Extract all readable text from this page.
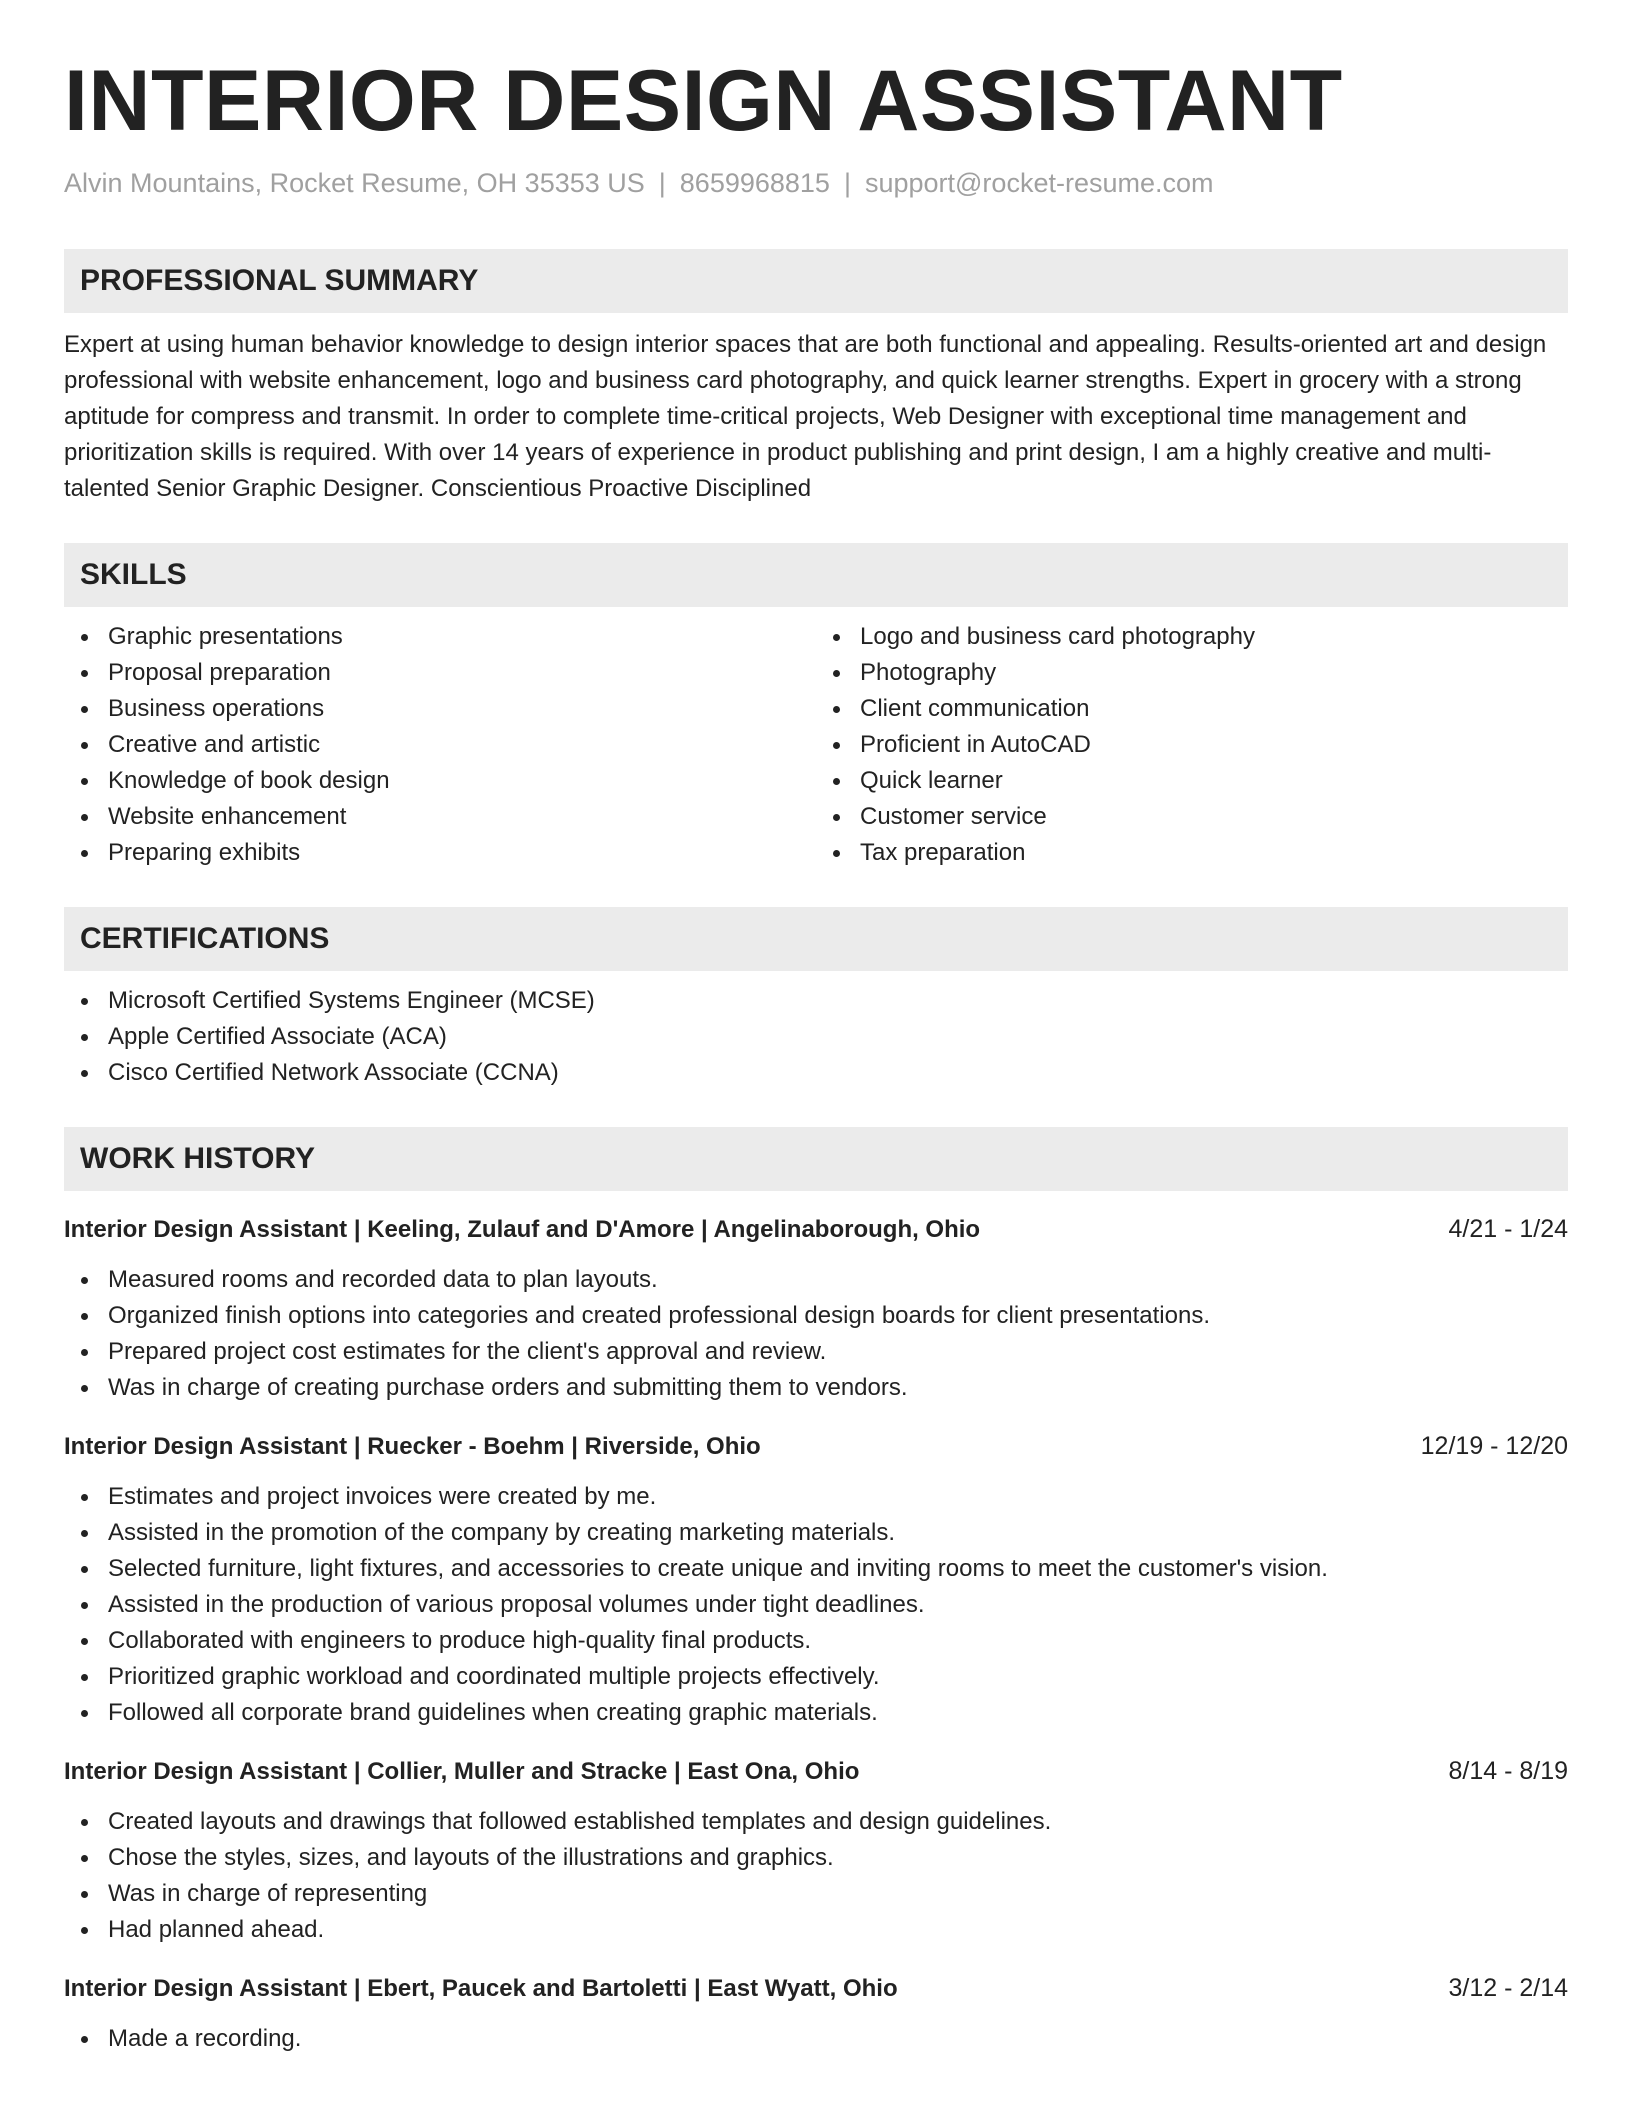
INTERIOR DESIGN ASSISTANT
Alvin Mountains, Rocket Resume, OH 35353 US | 8659968815 | support@rocket-resume.com
PROFESSIONAL SUMMARY
Expert at using human behavior knowledge to design interior spaces that are both functional and appealing. Results-oriented art and design professional with website enhancement, logo and business card photography, and quick learner strengths. Expert in grocery with a strong aptitude for compress and transmit. In order to complete time-critical projects, Web Designer with exceptional time management and prioritization skills is required. With over 14 years of experience in product publishing and print design, I am a highly creative and multi-talented Senior Graphic Designer. Conscientious Proactive Disciplined
SKILLS
Graphic presentations
Proposal preparation
Business operations
Creative and artistic
Knowledge of book design
Website enhancement
Preparing exhibits
Logo and business card photography
Photography
Client communication
Proficient in AutoCAD
Quick learner
Customer service
Tax preparation
CERTIFICATIONS
Microsoft Certified Systems Engineer (MCSE)
Apple Certified Associate (ACA)
Cisco Certified Network Associate (CCNA)
WORK HISTORY
Interior Design Assistant | Keeling, Zulauf and D'Amore | Angelinaborough, Ohio	4/21 - 1/24
Measured rooms and recorded data to plan layouts.
Organized finish options into categories and created professional design boards for client presentations.
Prepared project cost estimates for the client's approval and review.
Was in charge of creating purchase orders and submitting them to vendors.
Interior Design Assistant | Ruecker - Boehm | Riverside, Ohio	12/19 - 12/20
Estimates and project invoices were created by me.
Assisted in the promotion of the company by creating marketing materials.
Selected furniture, light fixtures, and accessories to create unique and inviting rooms to meet the customer's vision.
Assisted in the production of various proposal volumes under tight deadlines.
Collaborated with engineers to produce high-quality final products.
Prioritized graphic workload and coordinated multiple projects effectively.
Followed all corporate brand guidelines when creating graphic materials.
Interior Design Assistant | Collier, Muller and Stracke | East Ona, Ohio	8/14 - 8/19
Created layouts and drawings that followed established templates and design guidelines.
Chose the styles, sizes, and layouts of the illustrations and graphics.
Was in charge of representing
Had planned ahead.
Interior Design Assistant | Ebert, Paucek and Bartoletti | East Wyatt, Ohio	3/12 - 2/14
Made a recording.
